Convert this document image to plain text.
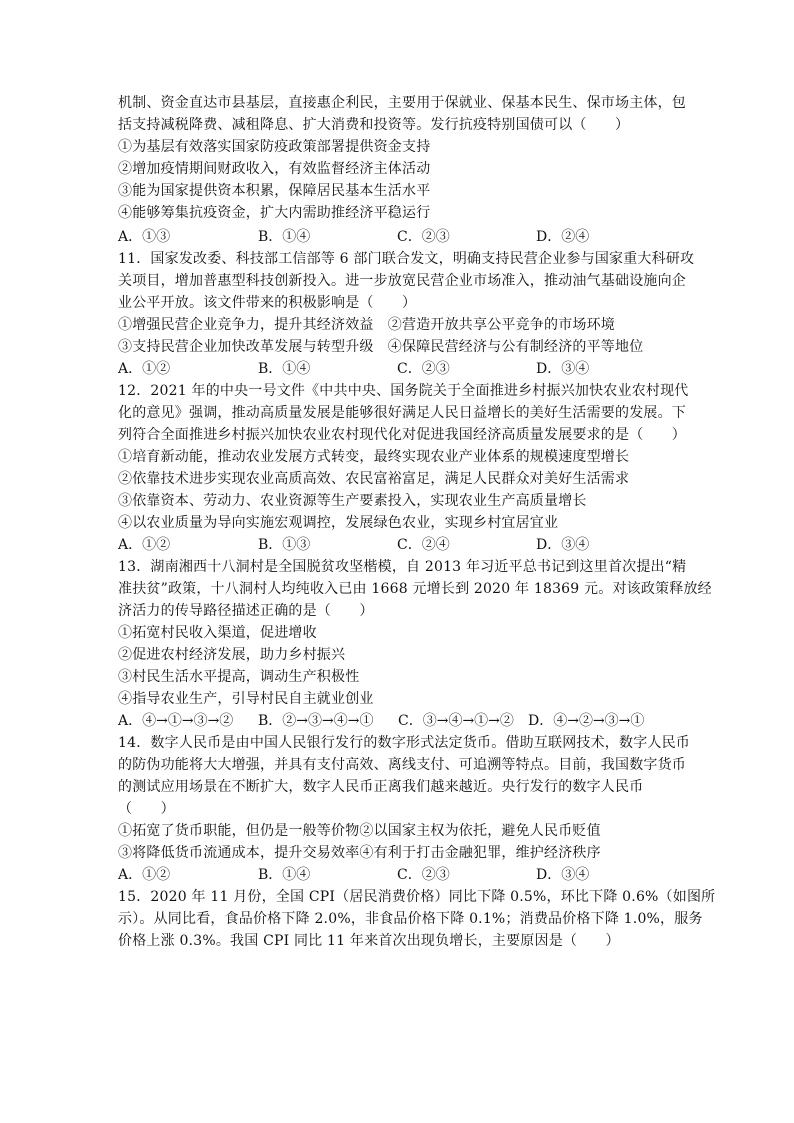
机制、资金直达市县基层，直接惠企利民，主要用于保就业、保基本民生、保市场主体，包
括支持减税降费、减租降息、扩大消费和投资等。发行抗疫特别国债可以（　　）
①为基层有效落实国家防疫政策部署提供资金支持
②增加疫情期间财政收入，有效监督经济主体活动
③能为国家提供资本积累，保障居民基本生活水平
④能够筹集抗疫资金，扩大内需助推经济平稳运行
A．①③	B．①④	C．②③	D．②④
11．国家发改委、科技部工信部等 6 部门联合发文，明确支持民营企业参与国家重大科研攻
关项目，增加普惠型科技创新投入。进一步放宽民营企业市场准入，推动油气基础设施向企
业公平开放。该文件带来的积极影响是（　　）
①增强民营企业竞争力，提升其经济效益　②营造开放共享公平竞争的市场环境
③支持民营企业加快改革发展与转型升级　④保障民营经济与公有制经济的平等地位
A．①②	B．①④	C．②③	D．③④
12．2021 年的中央一号文件《中共中央、国务院关于全面推进乡村振兴加快农业农村现代
化的意见》强调，推动高质量发展是能够很好满足人民日益增长的美好生活需要的发展。下
列符合全面推进乡村振兴加快农业农村现代化对促进我国经济高质量发展要求的是（　　）
①培育新动能，推动农业发展方式转变，最终实现农业产业体系的规模速度型增长
②依靠技术进步实现农业高质高效、农民富裕富足，满足人民群众对美好生活需求
③依靠资本、劳动力、农业资源等生产要素投入，实现农业生产高质量增长
④以农业质量为导向实施宏观调控，发展绿色农业，实现乡村宜居宜业
A．①②	B．①③	C．②④	D．③④
13．湖南湘西十八洞村是全国脱贫攻坚楷模，自 2013 年习近平总书记到这里首次提出“精
准扶贫”政策，十八洞村人均纯收入已由 1668 元增长到 2020 年 18369 元。对该政策释放经
济活力的传导路径描述正确的是（　　）
①拓宽村民收入渠道，促进增收
②促进农村经济发展，助力乡村振兴
③村民生活水平提高，调动生产积极性
④指导农业生产，引导村民自主就业创业
A．④→①→③→② B．②→③→④→① C．③→④→①→② D．④→②→③→①
14．数字人民币是由中国人民银行发行的数字形式法定货币。借助互联网技术，数字人民币
的防伪功能将大大增强，并具有支付高效、离线支付、可追溯等特点。目前，我国数字货币
的测试应用场景在不断扩大，数字人民币正离我们越来越近。央行发行的数字人民币
（　　）
①拓宽了货币职能，但仍是一般等价物②以国家主权为依托，避免人民币贬值
③将降低货币流通成本，提升交易效率④有利于打击金融犯罪，维护经济秩序
A．①②	B．①④	C．②③	D．③④
15．2020 年 11 月份，全国 CPI（居民消费价格）同比下降 0.5%，环比下降 0.6%（如图所
示）。从同比看，食品价格下降 2.0%，非食品价格下降 0.1%；消费品价格下降 1.0%，服务
价格上涨 0.3%。我国 CPI 同比 11 年来首次出现负增长，主要原因是（　　）
